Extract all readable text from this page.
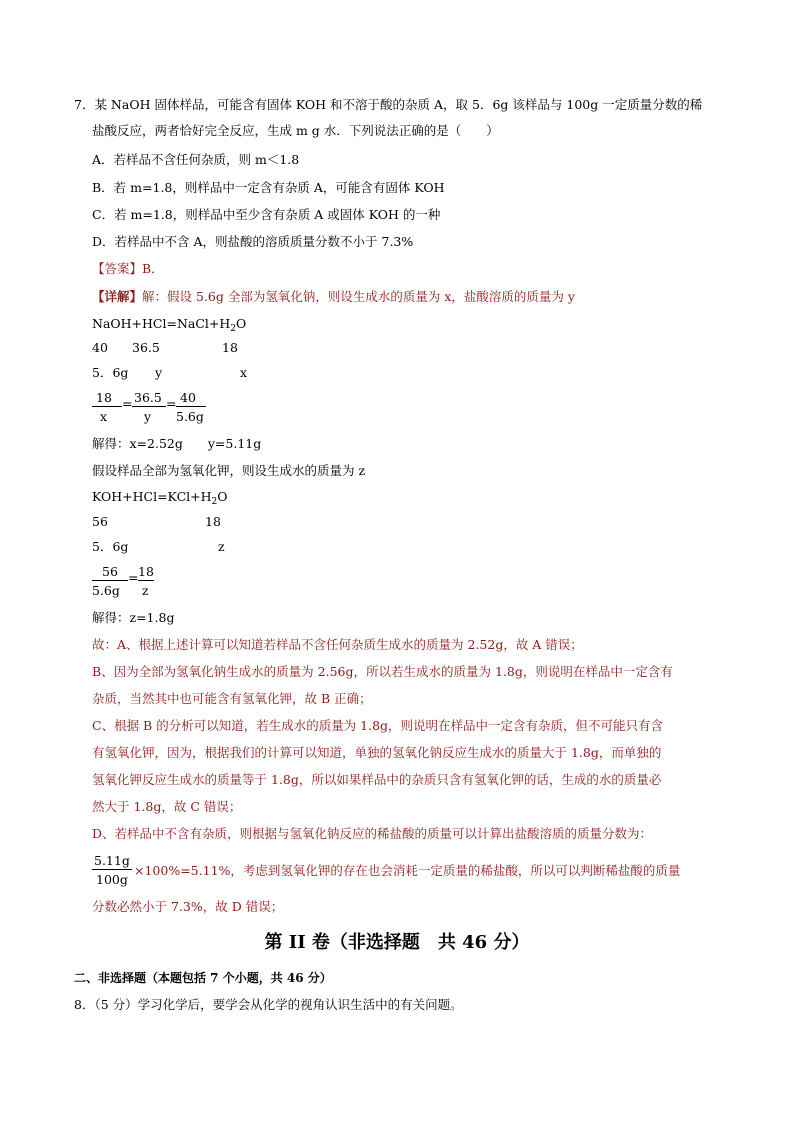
7．某 NaOH 固体样品，可能含有固体 KOH 和不溶于酸的杂质 A，取 5．6g 该样品与 100g 一定质量分数的稀
盐酸反应，两者恰好完全反应，生成 m g 水．下列说法正确的是（　　）
A．若样品不含任何杂质，则 m＜1.8
B．若 m=1.8，则样品中一定含有杂质 A，可能含有固体 KOH
C．若 m=1.8，则样品中至少含有杂质 A 或固体 KOH 的一种
D．若样品中不含 A，则盐酸的溶质质量分数不小于 7.3%
【答案】B．
【详解】解：假设 5.6g 全部为氢氧化钠，则设生成水的质量为 x，盐酸溶质的质量为 y
$NaOH+HCl=NaCl+H_2O$
40 36.5	18
5．6g y	x
18
x
= 36.5
y
= 40
5.6g
解得：x=2.52g　　y=5.11g
假设样品全部为氢氧化钾，则设生成水的质量为 z
$KOH+HCl=KCl+H_2O$
56	18
5．6g	z
56
5.6g
= 18
z
解得：z=1.8g
故：A、根据上述计算可以知道若样品不含任何杂质生成水的质量为 2.52g，故 A 错误；
B、因为全部为氢氧化钠生成水的质量为 2.56g，所以若生成水的质量为 1.8g，则说明在样品中一定含有
杂质，当然其中也可能含有氢氧化钾，故 B 正确；
C、根据 B 的分析可以知道，若生成水的质量为 1.8g，则说明在样品中一定含有杂质，但不可能只有含
有氢氧化钾，因为，根据我们的计算可以知道，单独的氢氧化钠反应生成水的质量大于 1.8g，而单独的
氢氧化钾反应生成水的质量等于 1.8g，所以如果样品中的杂质只含有氢氧化钾的话，生成的水的质量必
然大于 1.8g，故 C 错误；
D、若样品中不含有杂质，则根据与氢氧化钠反应的稀盐酸的质量可以计算出盐酸溶质的质量分数为：
5.11g
100g
×100%=5.11%，考虑到氢氧化钾的存在也会消耗一定质量的稀盐酸，所以可以判断稀盐酸的质量
分数必然小于 7.3%，故 D 错误；
第 II 卷（非选择题　共 46 分）
二、非选择题（本题包括 7 个小题，共 46 分）
8．（5 分）学习化学后，要学会从化学的视角认识生活中的有关问题。
